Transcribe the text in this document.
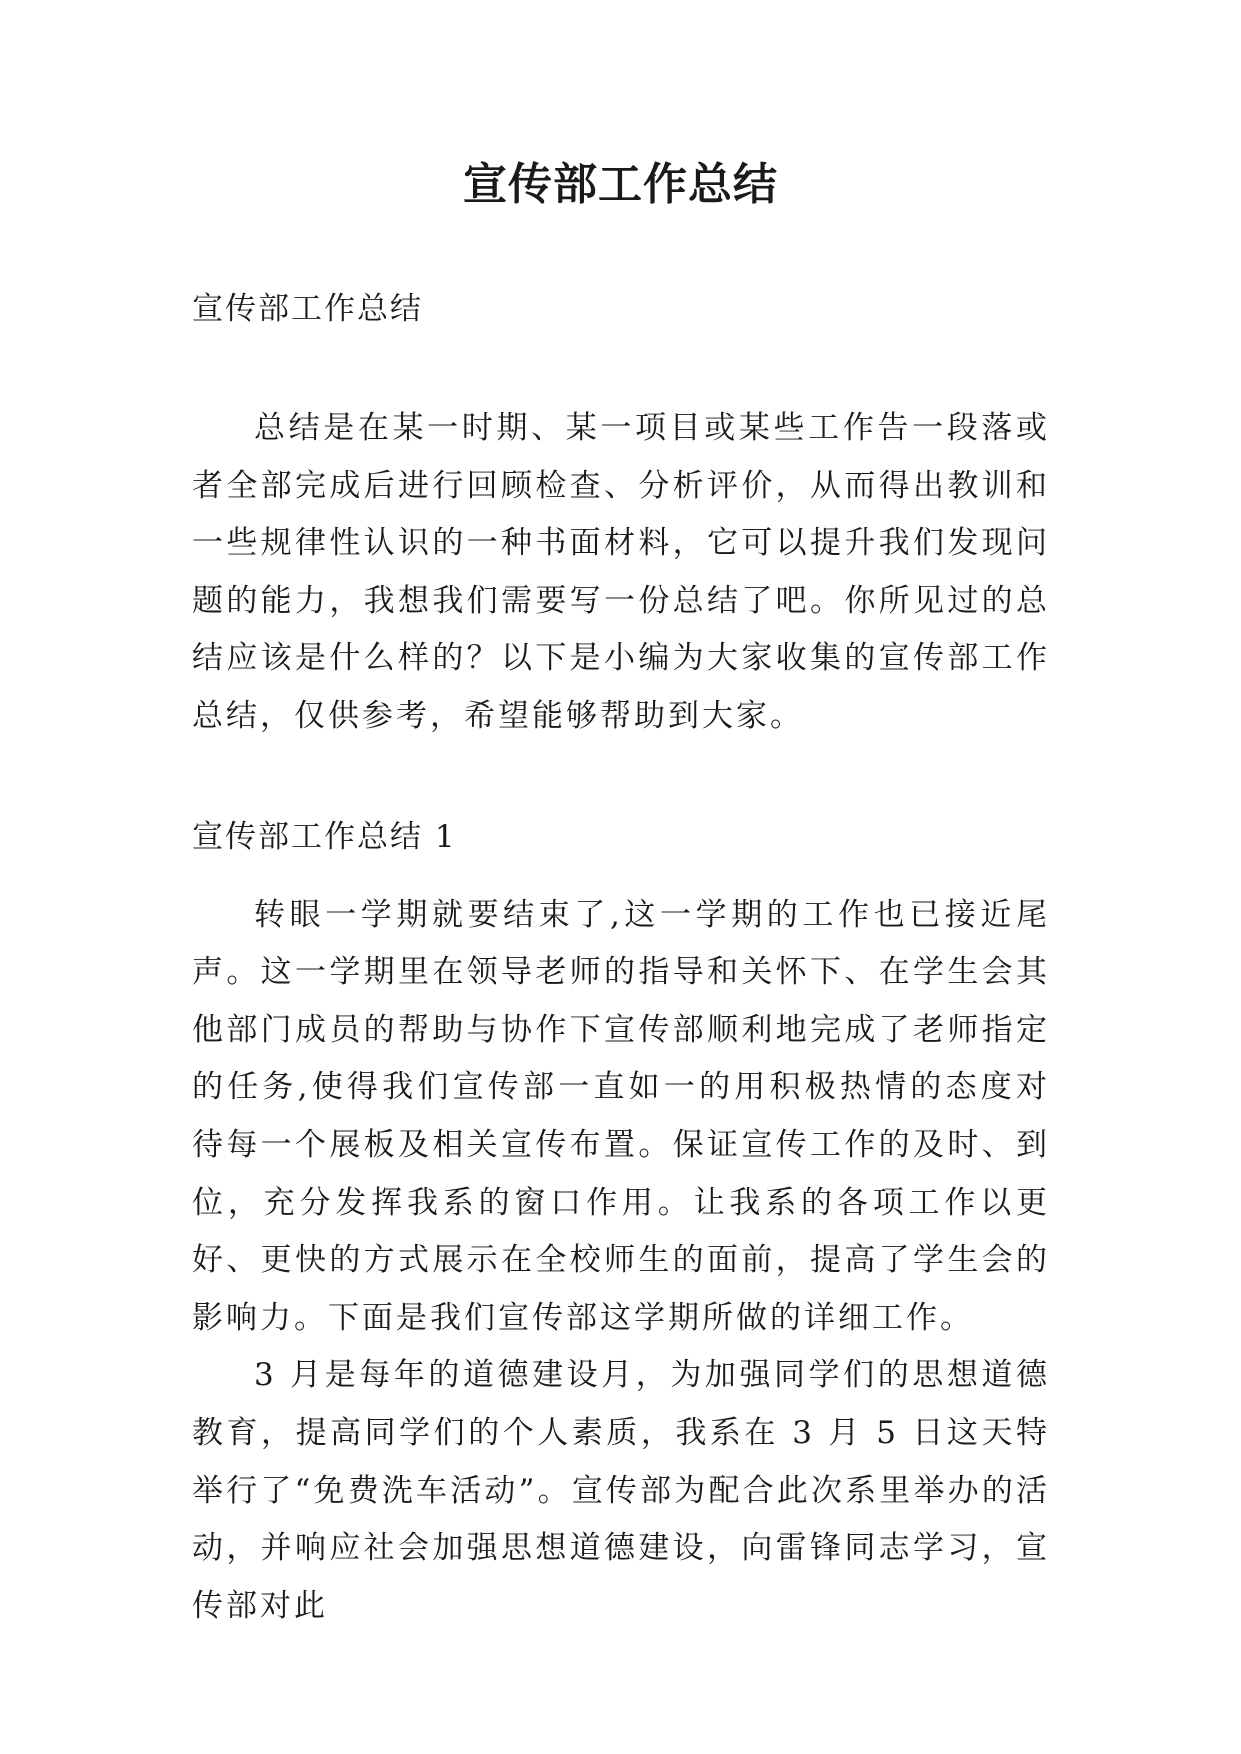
宣传部工作总结

宣传部工作总结

总结是在某一时期、某一项目或某些工作告一段落或者全部完成后进行回顾检查、分析评价，从而得出教训和一些规律性认识的一种书面材料，它可以提升我们发现问题的能力，我想我们需要写一份总结了吧。你所见过的总结应该是什么样的？以下是小编为大家收集的宣传部工作总结，仅供参考，希望能够帮助到大家。

宣传部工作总结 1

转眼一学期就要结束了,这一学期的工作也已接近尾声。这一学期里在领导老师的指导和关怀下、在学生会其他部门成员的帮助与协作下宣传部顺利地完成了老师指定的任务,使得我们宣传部一直如一的用积极热情的态度对待每一个展板及相关宣传布置。保证宣传工作的及时、到位，充分发挥我系的窗口作用。让我系的各项工作以更好、更快的方式展示在全校师生的面前，提高了学生会的影响力。下面是我们宣传部这学期所做的详细工作。

3 月是每年的道德建设月，为加强同学们的思想道德教育，提高同学们的个人素质，我系在 3 月 5 日这天特举行了“免费洗车活动”。宣传部为配合此次系里举办的活动，并响应社会加强思想道德建设，向雷锋同志学习，宣传部对此
